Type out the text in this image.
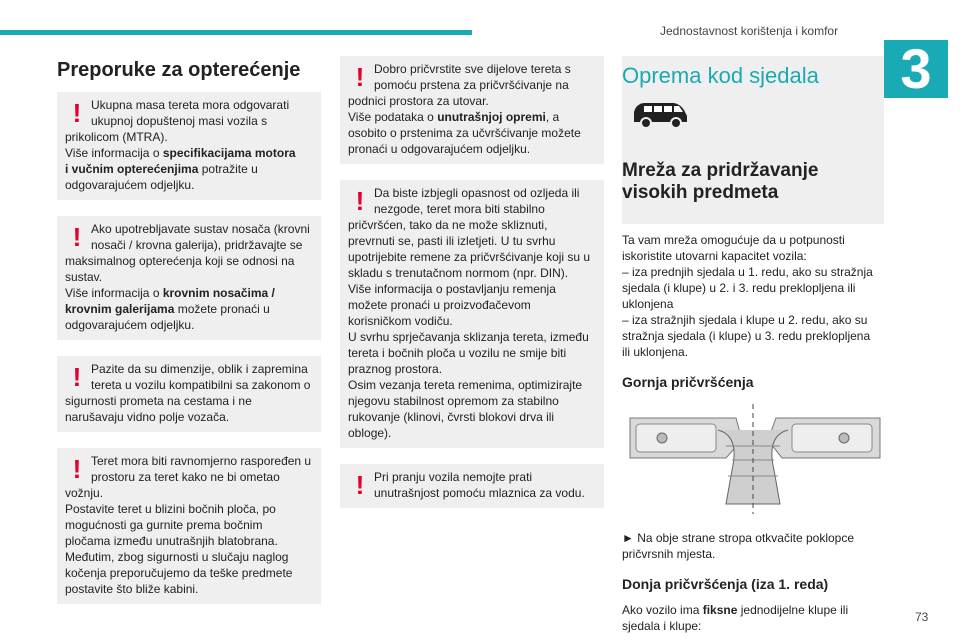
Jednostavnost korištenja i komfor
3
Preporuke za opterećenje
! Ukupna masa tereta mora odgovarati
ukupnoj dopuštenoj masi vozila s
prikolicom (MTRA).
Više informacija o specifikacijama motora
i vučnim opterećenjima potražite u
odgovarajućem odjeljku.

! Ako upotrebljavate sustav nosača (krovni
nosači / krovna galerija), pridržavajte se
maksimalnog opterećenja koji se odnosi na
sustav.
Više informacija o krovnim nosačima /
krovnim galerijama možete pronaći u
odgovarajućem odjeljku.

! Pazite da su dimenzije, oblik i zapremina
tereta u vozilu kompatibilni sa zakonom o
sigurnosti prometa na cestama i ne
narušavaju vidno polje vozača.

! Teret mora biti ravnomjerno raspoređen u
prostoru za teret kako ne bi ometao
vožnju.
Postavite teret u blizini bočnih ploča, po
mogućnosti ga gurnite prema bočnim
pločama između unutrašnjih blatobrana.
Međutim, zbog sigurnosti u slučaju naglog
kočenja preporučujemo da teške predmete
postavite što bliže kabini.

! Dobro pričvrstite sve dijelove tereta s
pomoću prstena za pričvršćivanje na
podnici prostora za utovar.
Više podataka o unutrašnjoj opremi, a
osobito o prstenima za učvršćivanje možete
pronaći u odgovarajućem odjeljku.

! Da biste izbjegli opasnost od ozljeda ili
nezgode, teret mora biti stabilno
pričvršćen, tako da ne može skliznuti,
prevrnuti se, pasti ili izletjeti. U tu svrhu
upotrijebite remene za pričvršćivanje koji su u
skladu s trenutačnom normom (npr. DIN).
Više informacija o postavljanju remenja
možete pronaći u proizvođačevom
korisničkom vodiču.
U svrhu sprječavanja sklizanja tereta, između
tereta i bočnih ploča u vozilu ne smije biti
praznog prostora.
Osim vezanja tereta remenima, optimizirajte
njegovu stabilnost opremom za stabilno
rukovanje (klinovi, čvrsti blokovi drva ili
obloge).

! Pri pranju vozila nemojte prati
unutrašnjost pomoću mlaznica za vodu.

Oprema kod sjedala
Mreža za pridržavanje
visokih predmeta
Ta vam mreža omogućuje da u potpunosti
iskoristite utovarni kapacitet vozila:
– iza prednjih sjedala u 1. redu, ako su stražnja
sjedala (i klupe) u 2. i 3. redu preklopljena ili
uklonjena
– iza stražnjih sjedala i klupe u 2. redu, ako su
stražnja sjedala (i klupe) u 3. redu preklopljena
ili uklonjena.
Gornja pričvršćenja
► Na obje strane stropa otkvačite poklopce
pričvrsnih mjesta.
Donja pričvršćenja (iza 1. reda)
Ako vozilo ima fiksne jednodijelne klupe ili
sjedala i klupe:
73
